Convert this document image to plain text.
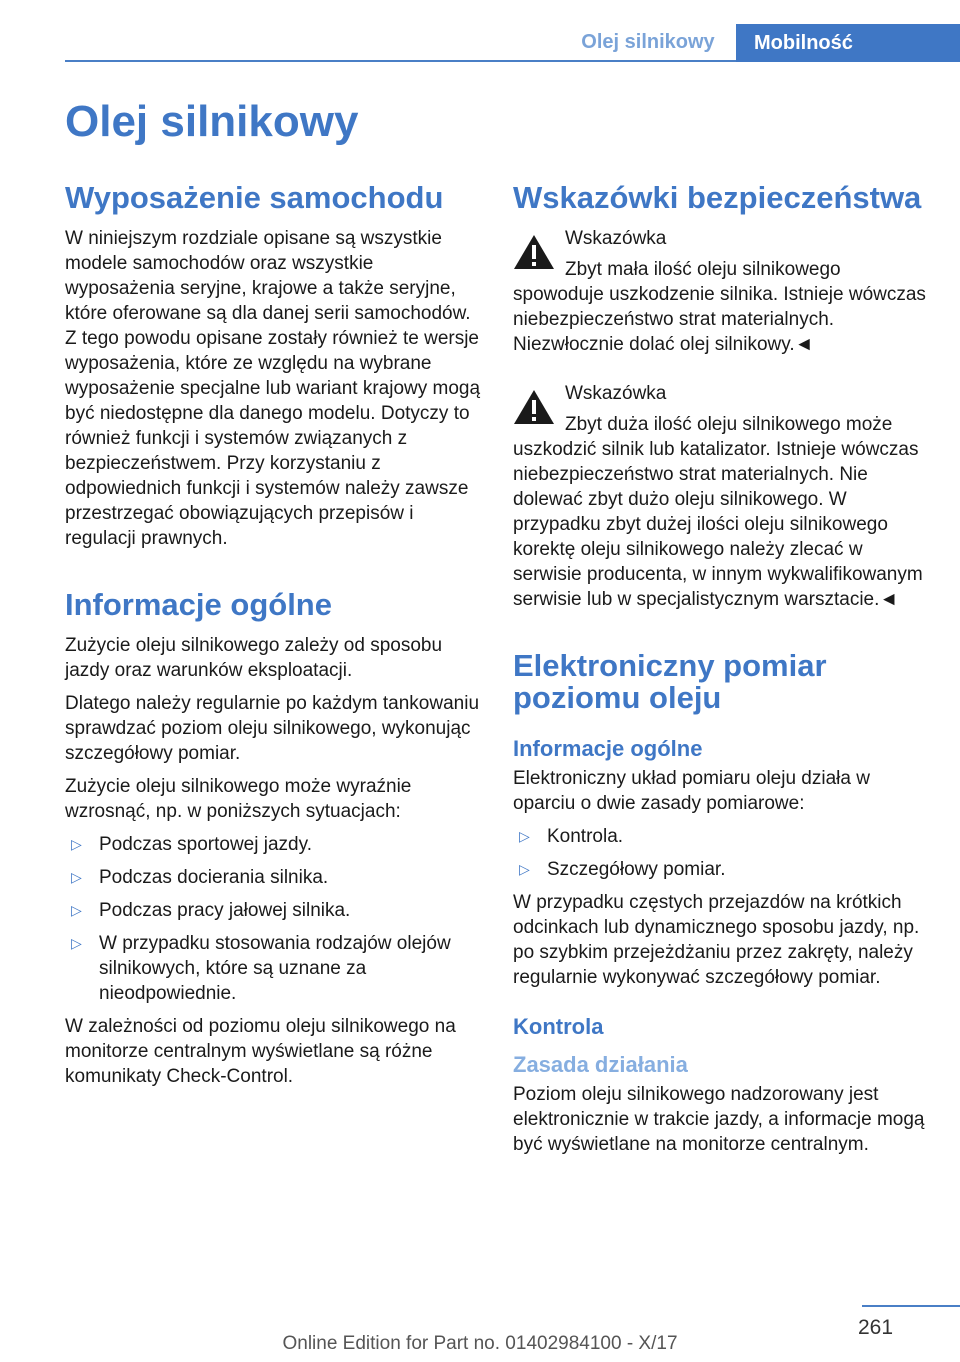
Olej silnikowy	Mobilność
Olej silnikowy
Wyposażenie samochodu

W niniejszym rozdziale opisane są wszystkie modele samochodów oraz wszystkie wyposażenia seryjne, krajowe a także seryjne, które oferowane są dla danej serii samochodów. Z tego powodu opisane zostały również te wersje wyposażenia, które ze względu na wybrane wyposażenie specjalne lub wariant krajowy mogą być niedostępne dla danego modelu. Dotyczy to również funkcji i systemów związanych z bezpieczeństwem. Przy korzystaniu z odpowiednich funkcji i systemów należy zawsze przestrzegać obowiązujących przepisów i regulacji prawnych.

Informacje ogólne

Zużycie oleju silnikowego zależy od sposobu jazdy oraz warunków eksploatacji.

Dlatego należy regularnie po każdym tankowaniu sprawdzać poziom oleju silnikowego, wykonując szczegółowy pomiar.

Zużycie oleju silnikowego może wyraźnie wzrosnąć, np. w poniższych sytuacjach:

▷ Podczas sportowej jazdy.
▷ Podczas docierania silnika.
▷ Podczas pracy jałowej silnika.
▷ W przypadku stosowania rodzajów olejów silnikowych, które są uznane za nieodpowiednie.

W zależności od poziomu oleju silnikowego na monitorze centralnym wyświetlane są różne komunikaty Check-Control.

Wskazówki bezpieczeństwa
Wskazówka
Zbyt mała ilość oleju silnikowego spowoduje uszkodzenie silnika. Istnieje wówczas niebezpieczeństwo strat materialnych. Niezwłocznie dolać olej silnikowy.◄
Wskazówka
Zbyt duża ilość oleju silnikowego może uszkodzić silnik lub katalizator. Istnieje wówczas niebezpieczeństwo strat materialnych. Nie dolewać zbyt dużo oleju silnikowego. W przypadku zbyt dużej ilości oleju silnikowego korektę oleju silnikowego należy zlecać w serwisie producenta, w innym wykwalifikowanym serwisie lub w specjalistycznym warsztacie.◄
Elektroniczny pomiar poziomu oleju
Informacje ogólne

Elektroniczny układ pomiaru oleju działa w oparciu o dwie zasady pomiarowe:

▷ Kontrola.
▷ Szczegółowy pomiar.

W przypadku częstych przejazdów na krótkich odcinkach lub dynamicznego sposobu jazdy, np. po szybkim przejeżdżaniu przez zakręty, należy regularnie wykonywać szczegółowy pomiar.

Kontrola
Zasada działania

Poziom oleju silnikowego nadzorowany jest elektronicznie w trakcie jazdy, a informacje mogą być wyświetlane na monitorze centralnym.

261
Online Edition for Part no. 01402984100 - X/17
